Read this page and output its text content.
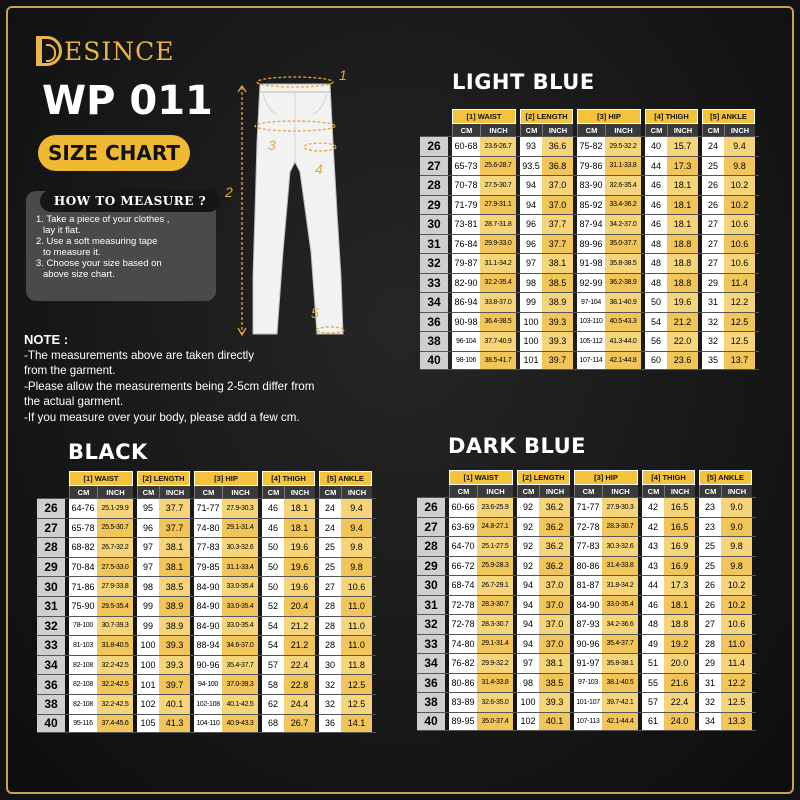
ESINCE
WP 011
SIZE CHART
HOW TO MEASURE ?

1. Take a piece of your clothes ,

lay it flat.

2. Use a soft measuring tape

to measure it.

3. Choose your size based on

above size chart.

1
2
3
4
5
NOTE :
-The measurements above are taken directly
from the garment.
-Please allow the measurements being 2-5cm differ from
the actual garment.
-If you measure over your body, please add a few cm.
LIGHT BLUE
BLACK	DARK BLUE
[1] WAIST	[2] LENGTH	[3] HIP	[4] THIGH	[5] ANKLE
CM	INCH	CM	INCH	CM	INCH	CM	INCH	CM	INCH
26	60-68	23.6-26.7	93	36.6	75-82	29.5-32.2	40	15.7	24	9.4
27	65-73	25.6-28.7	93.5 36.8	79-86	31.1-33.8	44	17.3	25	9.8
28	70-78	27.5-30.7	94	37.0	83-90	32.6-35.4	46	18.1	26	10.2
29	71-79	27.9-31.1	94	37.0	85-92	33.4-36.2	46	18.1	26	10.2
30	73-81	28.7-31.8	96	37.7	87-94	34.2-37.0	46	18.1	27	10.6
31	76-84	29.9-33.0	96	37.7	89-96	35.0-37.7	48	18.8	27	10.6
32	79-87	31.1-34.2	97	38.1	91-98	35.8-38.5	48	18.8	27	10.6
33	82-90	32.2-35.4	98	38.5	92-99	36.2-38.9	48	18.8	29	11.4
34	86-94	33.8-37.0	99	38.9	97-104	38.1-40.9	50	19.6	31	12.2
36	90-98	36.4-38.5	100	39.3	103-110	40.5-43.3	54	21.2	32	12.5
38	96-104	37.7-40.9	100	39.3	105-112	41.3-44.0	56	22.0	32	12.5
40	98-106	38.5-41.7	101	39.7	107-114	42.1-44.8	60	23.6	35	13.7
[1] WAIST	[2] LENGTH	[3] HIP	[4] THIGH	[5] ANKLE
CM	INCH	CM	INCH	CM	INCH	CM	INCH	CM	INCH
26	64-76	25.1-29.9	95	37.7	71-77	27.9-30.3	46	18.1	24	9.4
27	65-78	25.5-30.7	96	37.7	74-80	29.1-31.4	46	18.1	24	9.4
28	68-82	26.7-32.2	97	38.1	77-83	30.3-32.6	50	19.6	25	9.8
29	70-84	27.5-33.0	97	38.1	79-85	31.1-33.4	50	19.6	25	9.8
30	71-86	27.9-33.8	98	38.5	84-90	33.0-35.4	50	19.6	27	10.6
31	75-90	29.5-35.4	99	38.9	84-90	33.0-35.4	52	20.4	28	11.0
32	78-100	30.7-39.3	99	38.9	84-90	33.0-35.4	54	21.2	28	11.0
33	81-103	31.8-40.5	100	39.3	88-94	34.6-37.0	54	21.2	28	11.0
34	82-108	32.2-42.5	100	39.3	90-96	35.4-37.7	57	22.4	30	11.8
36	82-108	32.2-42.5	101	39.7	94-100	37.0-39.3	58	22.8	32	12.5
38	82-108	32.2-42.5	102	40.1	102-108 40.1-42.5	62	24.4	32	12.5
40	95-116	37.4-45.6	105	41.3	104-110	40.9-43.3	68	26.7	36	14.1
[1] WAIST	[2] LENGTH	[3] HIP	[4] THIGH	[5] ANKLE
CM	INCH	CM	INCH	CM	INCH	CM	INCH	CM	INCH
26	60-66	23.6-25.9	92	36.2	71-77	27.9-30.3	42	16.5	23	9.0
27	63-69	24.8-27.1	92	36.2	72-78	28.3-30.7	42	16.5	23	9.0
28	64-70	25.1-27.5	92	36.2	77-83	30.3-32.6	43	16.9	25	9.8
29	66-72	25.9-28.3	92	36.2	80-86	31.4-33.8	43	16.9	25	9.8
30	68-74	26.7-29.1	94	37.0	81-87	31.8-34.2	44	17.3	26	10.2
31	72-78	28.3-30.7	94	37.0	84-90	33.0-35.4	46	18.1	26	10.2
32	72-78	28.3-30.7	94	37.0	87-93	34.2-36.6	48	18.8	27	10.6
33	74-80	29.1-31.4	94	37.0	90-96	35.4-37.7	49	19.2	28	11.0
34	76-82	29.9-32.2	97	38.1	91-97	35.8-38.1	51	20.0	29	11.4
36	80-86	31.4-33.8	98	38.5	97-103	38.1-40.5	55	21.6	31	12.2
38	83-89	32.6-35.0	100	39.3	101-107 39.7-42.1	57	22.4	32	12.5
40	89-95	35.0-37.4	102	40.1	107-113	42.1-44.4	61	24.0	34	13.3
